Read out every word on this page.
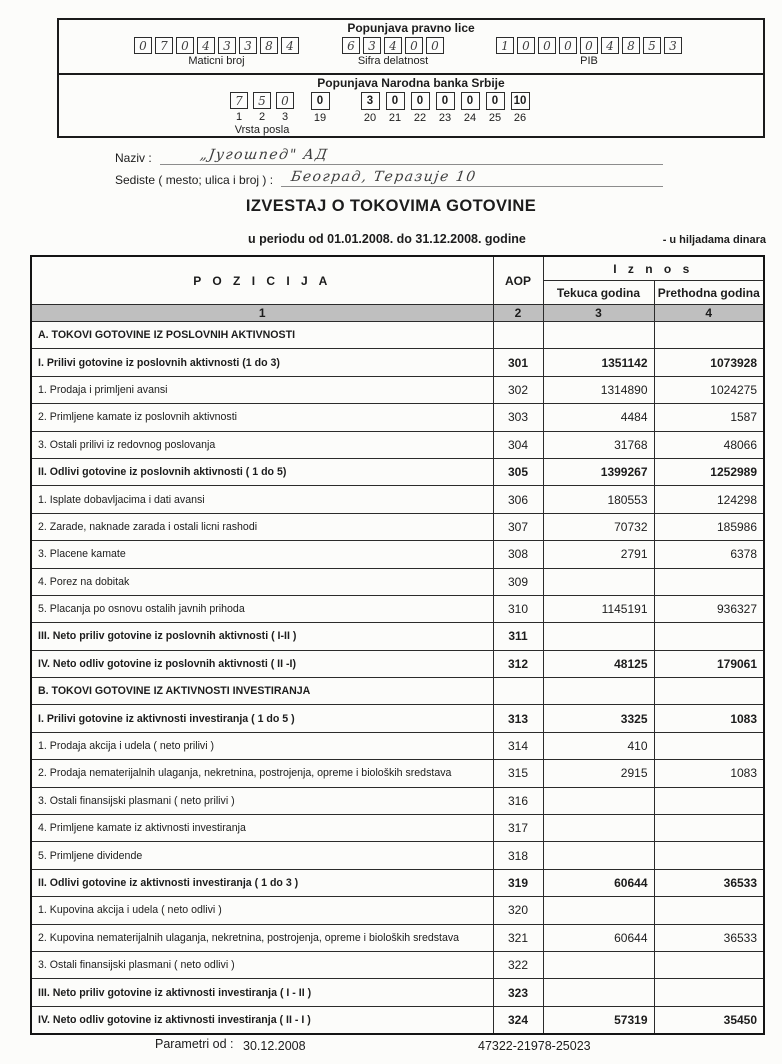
Popunjava pravno lice
0	7	0	4	3	3	8	4
Maticni broj
6	3	4	0	0
Sifra delatnost
1	0	0	0	0	4	8	5	3
PIB
Popunjava Narodna banka Srbije
7
1
5
2
0
3
Vrsta posla
0
19
3
20
0
21
0
22
0
23
0
24
0
25
10
26
Naziv :	„Југошпед" АД
Sediste ( mesto; ulica i broj ) :	Београд, Теразије 10
IZVESTAJ O TOKOVIMA GOTOVINE
u periodu od 01.01.2008. do 31.12.2008. godine	- u hiljadama dinara
P O Z I C I J A	AOP	I z n o s	
		Tekuca godina	Prethodna godina
1	2	3	4
A. TOKOVI GOTOVINE IZ POSLOVNIH AKTIVNOSTI			
I. Prilivi gotovine iz poslovnih aktivnosti (1 do 3)	301	1351142	1073928
1. Prodaja i primljeni avansi	302	1314890	1024275
2. Primljene kamate iz poslovnih aktivnosti	303	4484	1587
3. Ostali prilivi iz redovnog poslovanja	304	31768	48066
II. Odlivi gotovine iz poslovnih aktivnosti ( 1 do 5)	305	1399267	1252989
1. Isplate dobavljacima i dati avansi	306	180553	124298
2. Zarade, naknade zarada i ostali licni rashodi	307	70732	185986
3. Placene kamate	308	2791	6378
4. Porez na dobitak	309		
5. Placanja po osnovu ostalih javnih prihoda	310	1145191	936327
III. Neto priliv gotovine iz poslovnih aktivnosti ( I-II )	311		
IV. Neto odliv gotovine iz poslovnih aktivnosti ( II -I)	312	48125	179061
B. TOKOVI GOTOVINE IZ AKTIVNOSTI INVESTIRANJA			
I. Prilivi gotovine iz aktivnosti investiranja ( 1 do 5 )	313	3325	1083
1. Prodaja akcija i udela ( neto prilivi )	314	410	
2. Prodaja nematerijalnih ulaganja, nekretnina, postrojenja, opreme i bioloških sredstava	315	2915	1083
3. Ostali finansijski plasmani ( neto prilivi )	316		
4. Primljene kamate iz aktivnosti investiranja	317		
5. Primljene dividende	318		
II. Odlivi gotovine iz aktivnosti investiranja ( 1 do 3 )	319	60644	36533
1. Kupovina akcija i udela ( neto odlivi )	320		
2. Kupovina nematerijalnih ulaganja, nekretnina, postrojenja, opreme i bioloških sredstava	321	60644	36533
3. Ostali finansijski plasmani ( neto odlivi )	322		
III. Neto priliv gotovine iz aktivnosti investiranja ( I - II )	323		
IV. Neto odliv gotovine iz aktivnosti investiranja ( II - I )	324	57319	35450
Parametri od : 30.12.2008	47322-21978-25023
